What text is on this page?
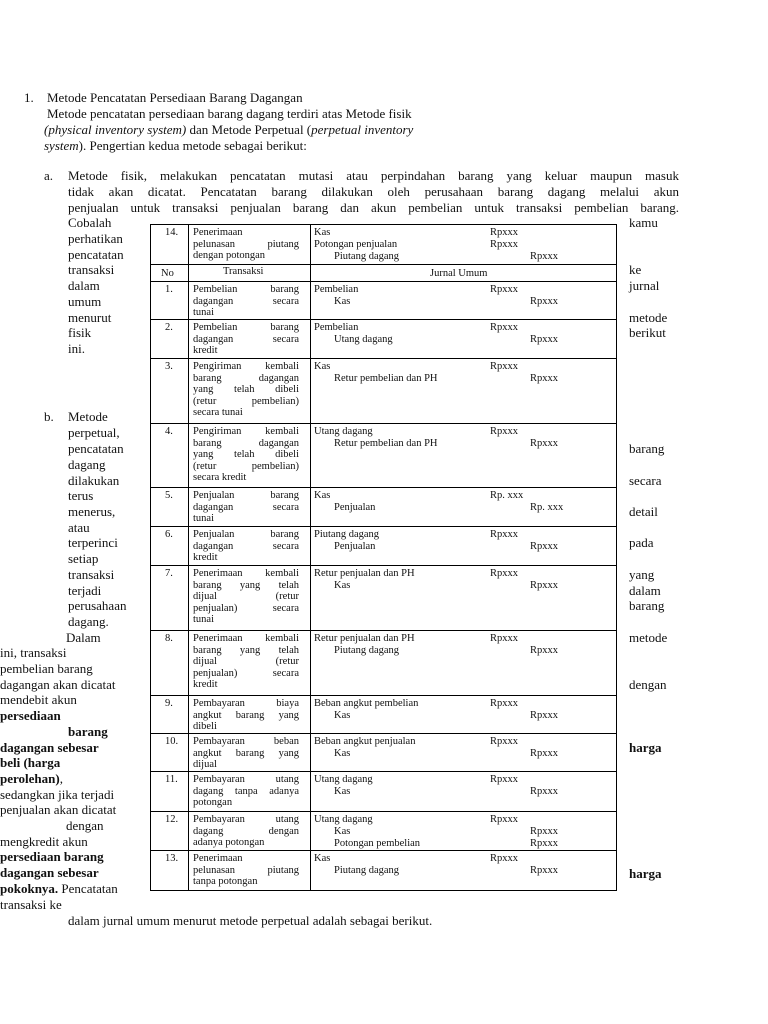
1. Metode Pencatatan Persediaan Barang Dagangan
Metode pencatatan persediaan barang dagang terdiri atas Metode fisik
(physical inventory system) dan Metode Perpetual (perpetual inventory
system). Pengertian kedua metode sebagai berikut:
a. Metode fisik, melakukan pencatatan mutasi atau perpindahan barang yang keluar maupun masuk
tidak akan dicatat. Pencatatan barang dilakukan oleh perusahaan barang dagang melalui akun
penjualan untuk transaksi penjualan barang dan akun pembelian untuk transaksi pembelian barang.
Cobalah
perhatikan
pencatatan
transaksi
dalam
umum
menurut
fisik
ini.
kamu
ke
jurnal
metode
berikut
b. Metode
perpetual,
pencatatan
dagang
dilakukan
terus
menerus,
atau
terperinci
setiap
transaksi
terjadi
perusahaan
dagang.
barang
secara
detail
pada
yang
dalam
barang
metode
dengan
harga
harga
Dalam
ini, transaksi
pembelian barang
dagangan akan dicatat
mendebit akun
persediaan
barang
dagangan sebesar
beli (harga
perolehan),
sedangkan jika terjadi
penjualan akan dicatat
dengan
mengkredit akun
persediaan barang
dagangan sebesar
pokoknya. Pencatatan
transaksi ke
dalam jurnal umum menurut metode perpetual adalah sebagai berikut.
14. Penerimaan
pelunasan piutang
dengan potongan
Kas	Rpxxx
Potongan penjualan	Rpxxx
Piutang dagang	Rpxxx
No	Transaksi	Jurnal Umum
1. Pembelian barang
dagangan secara
tunai
Pembelian	Rpxxx
Kas	Rpxxx
2. Pembelian barang
dagangan secara
kredit
Pembelian	Rpxxx
Utang dagang	Rpxxx
3. Pengiriman kembali
barang dagangan
yang telah dibeli
(retur pembelian)
secara tunai
Kas	Rpxxx
Retur pembelian dan PH	Rpxxx
4. Pengiriman kembali
barang dagangan
yang telah dibeli
(retur pembelian)
secara kredit
Utang dagang	Rpxxx
Retur pembelian dan PH	Rpxxx
5. Penjualan barang
dagangan secara
tunai
Kas	Rp. xxx
Penjualan	Rp. xxx
6. Penjualan barang
dagangan secara
kredit
Piutang dagang	Rpxxx
Penjualan	Rpxxx
7. Penerimaan kembali
barang yang telah
dijual (retur
penjualan) secara
tunai
Retur penjualan dan PH	Rpxxx
Kas	Rpxxx
8. Penerimaan kembali
barang yang telah
dijual (retur
penjualan) secara
kredit
Retur penjualan dan PH	Rpxxx
Piutang dagang	Rpxxx
9. Pembayaran biaya
angkut barang yang
dibeli
Beban angkut pembelian	Rpxxx
Kas	Rpxxx
10. Pembayaran beban
angkut barang yang
dijual
Beban angkut penjualan	Rpxxx
Kas	Rpxxx
11. Pembayaran utang
dagang tanpa adanya
potongan
Utang dagang	Rpxxx
Kas	Rpxxx
12. Pembayaran utang
dagang dengan
adanya potongan
Utang dagang	Rpxxx
Kas	Rpxxx
Potongan pembelian	Rpxxx
13. Penerimaan
pelunasan piutang
tanpa potongan
Kas	Rpxxx
Piutang dagang	Rpxxx
